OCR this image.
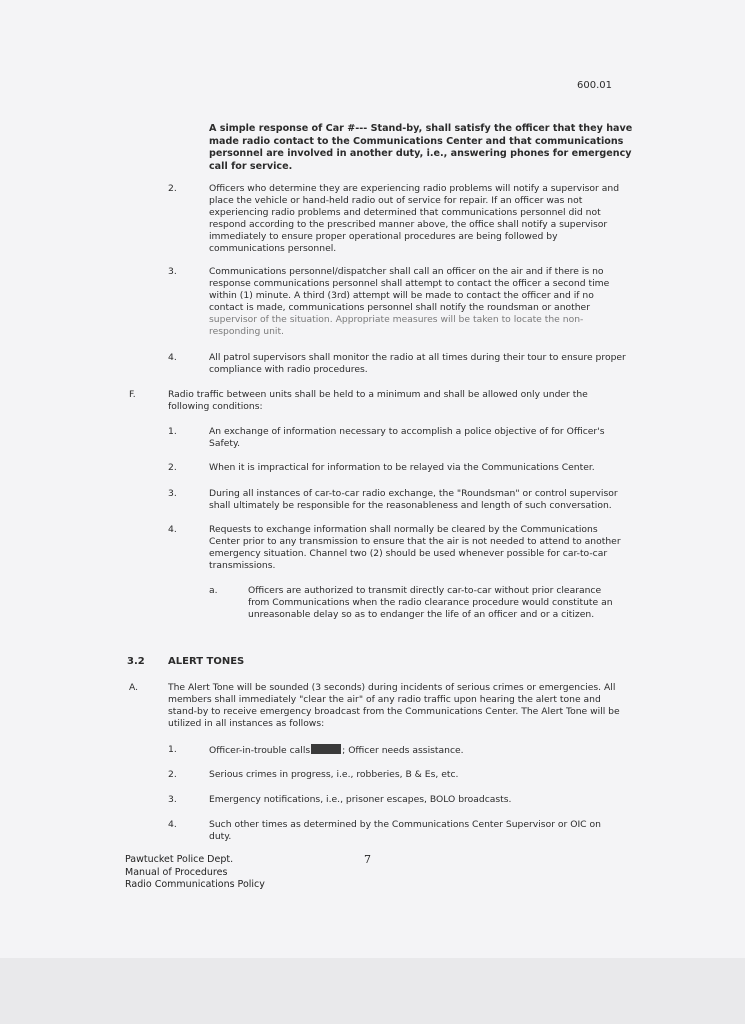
600.01
A simple response of Car #--- Stand-by, shall satisfy the officer that they have
made radio contact to the Communications Center and that communications
personnel are involved in another duty, i.e., answering phones for emergency
call for service.
2.	Officers who determine they are experiencing radio problems will notify a supervisor and
place the vehicle or hand-held radio out of service for repair. If an officer was not
experiencing radio problems and determined that communications personnel did not
respond according to the prescribed manner above, the office shall notify a supervisor
immediately to ensure proper operational procedures are being followed by
communications personnel.
3.	Communications personnel/dispatcher shall call an officer on the air and if there is no
response communications personnel shall attempt to contact the officer a second time
within (1) minute. A third (3rd) attempt will be made to contact the officer and if no
contact is made, communications personnel shall notify the roundsman or another
supervisor of the situation. Appropriate measures will be taken to locate the non-
responding unit.
4.	All patrol supervisors shall monitor the radio at all times during their tour to ensure proper
compliance with radio procedures.
F.	Radio traffic between units shall be held to a minimum and shall be allowed only under the
following conditions:
1.	An exchange of information necessary to accomplish a police objective of for Officer's
Safety.
2.	When it is impractical for information to be relayed via the Communications Center.
3.	During all instances of car-to-car radio exchange, the "Roundsman" or control supervisor
shall ultimately be responsible for the reasonableness and length of such conversation.
4.	Requests to exchange information shall normally be cleared by the Communications
Center prior to any transmission to ensure that the air is not needed to attend to another
emergency situation. Channel two (2) should be used whenever possible for car-to-car
transmissions.
a.	Officers are authorized to transmit directly car-to-car without prior clearance
from Communications when the radio clearance procedure would constitute an
unreasonable delay so as to endanger the life of an officer and or a citizen.
3.2 ALERT TONES
A.	The Alert Tone will be sounded (3 seconds) during incidents of serious crimes or emergencies. All
members shall immediately "clear the air" of any radio traffic upon hearing the alert tone and
stand-by to receive emergency broadcast from the Communications Center. The Alert Tone will be
utilized in all instances as follows:
1.	Officer-in-trouble calls	; Officer needs assistance.
2.	Serious crimes in progress, i.e., robberies, B & Es, etc.
3.	Emergency notifications, i.e., prisoner escapes, BOLO broadcasts.
4.	Such other times as determined by the Communications Center Supervisor or OIC on
duty.
Pawtucket Police Dept.
Manual of Procedures
Radio Communications Policy
7
